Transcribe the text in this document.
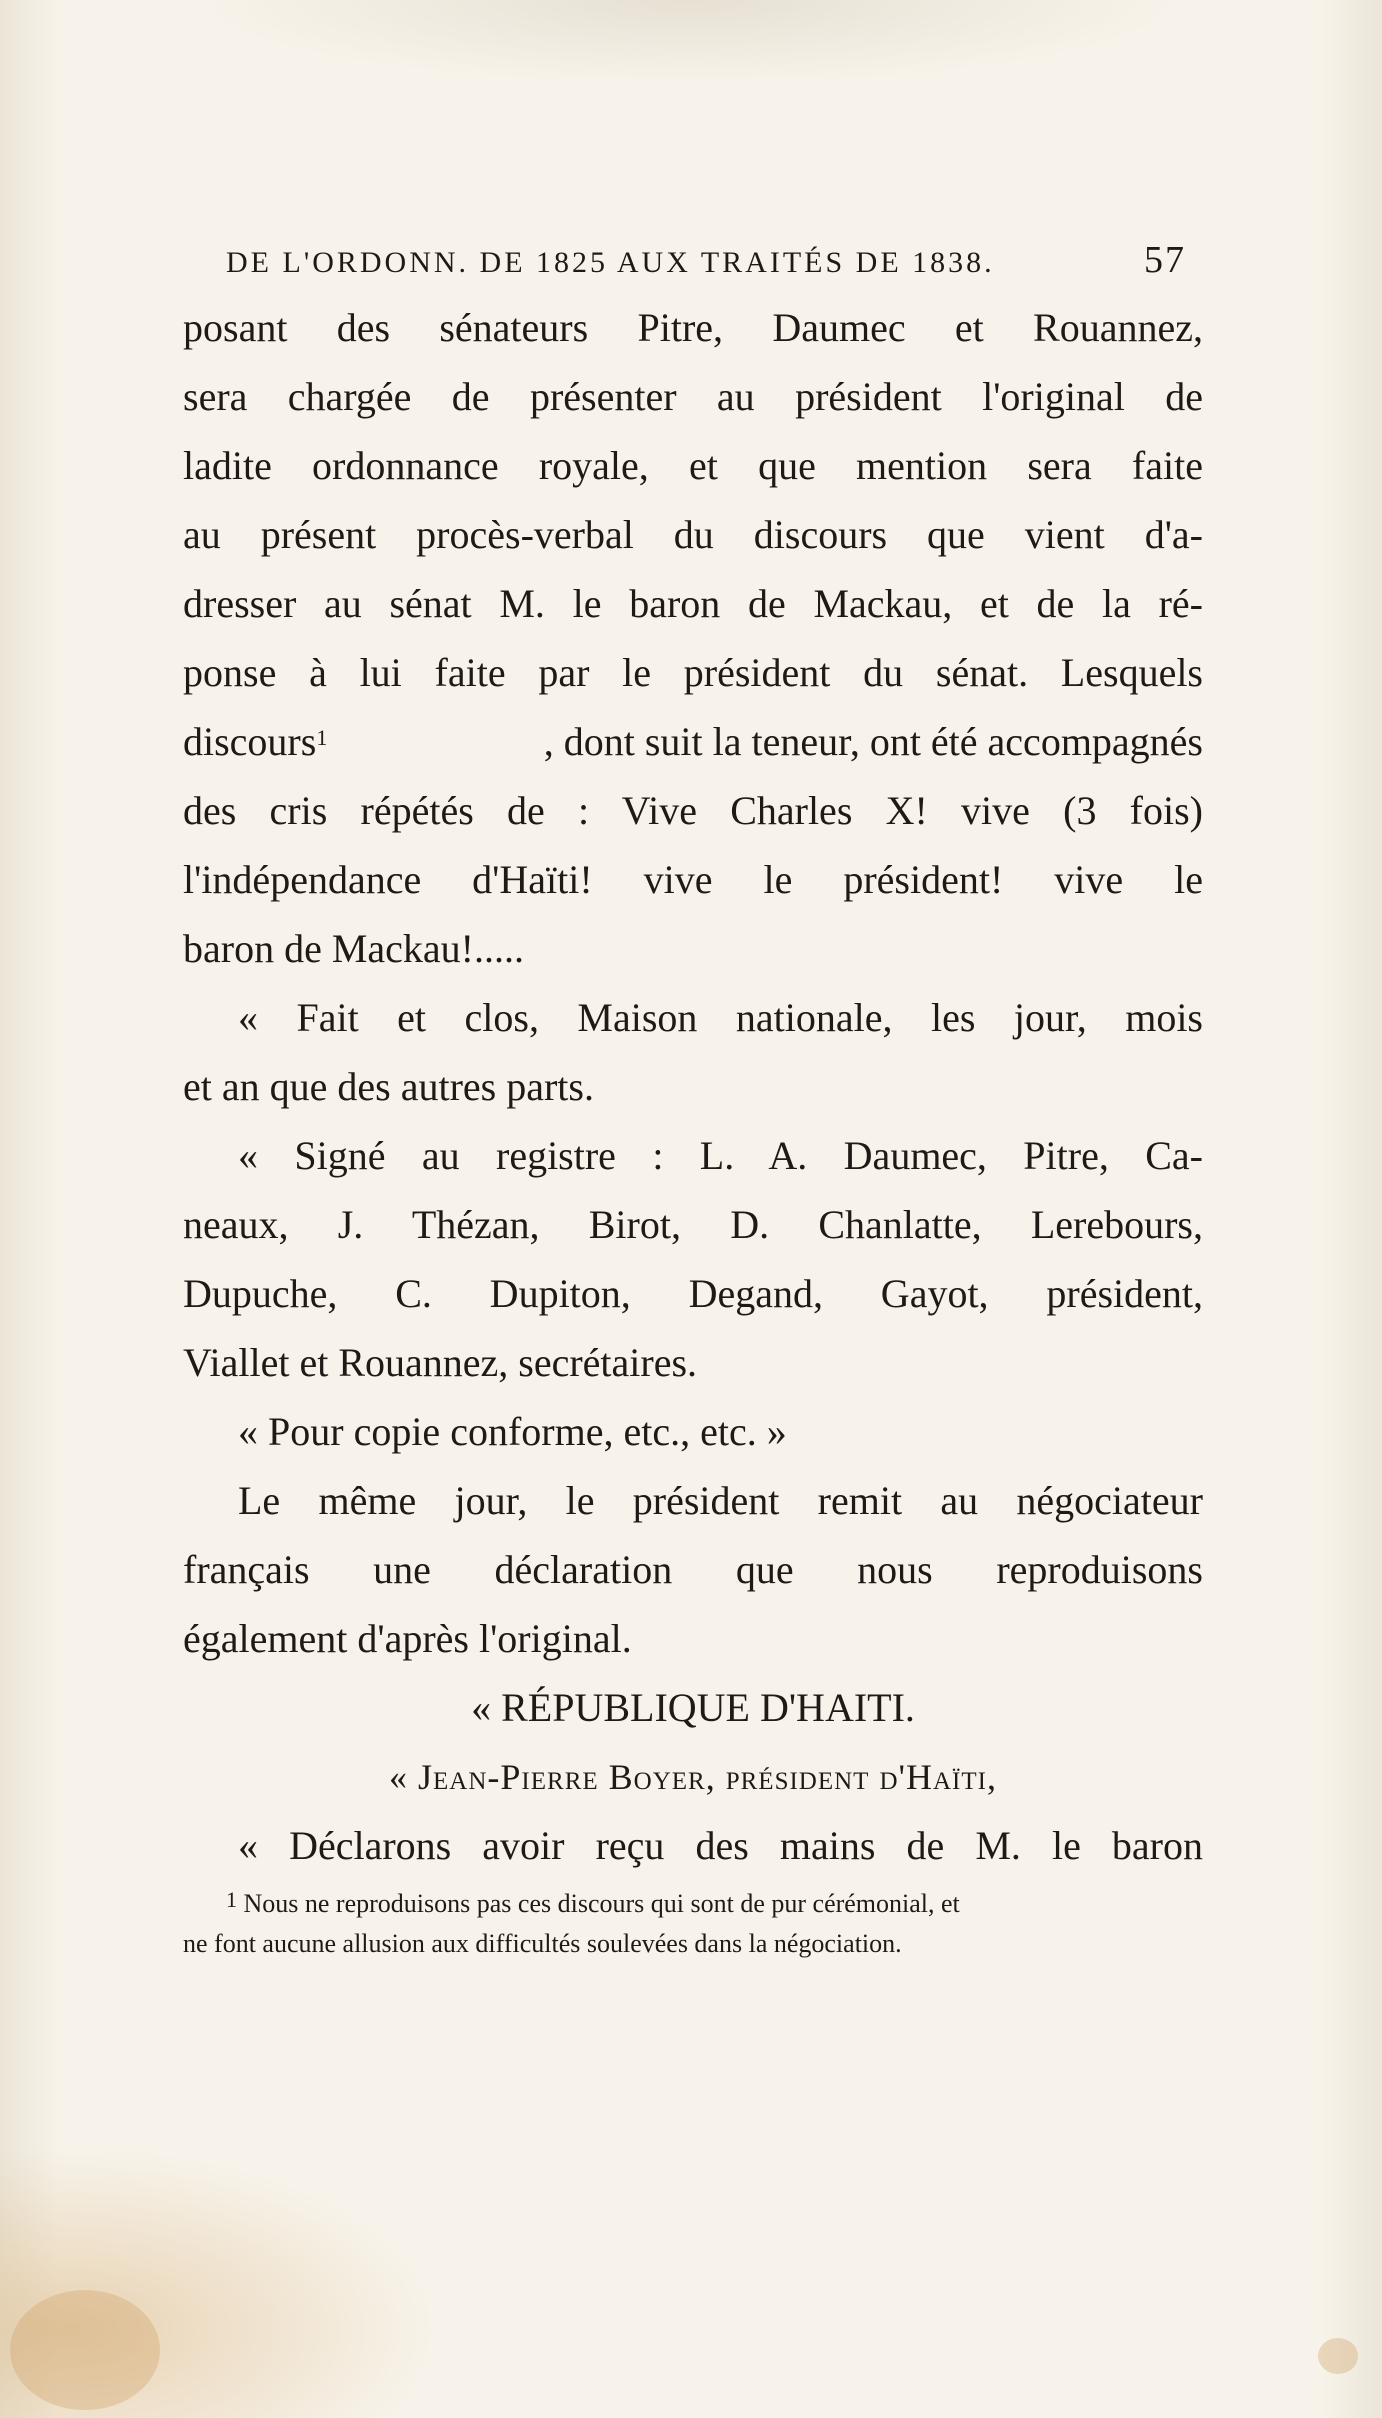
DE L'ORDONN. DE 1825 AUX TRAITÉS DE 1838.	57
posant des sénateurs Pitre, Daumec et Rouannez,
sera chargée de présenter au président l'original de
ladite ordonnance royale, et que mention sera faite
au présent procès-verbal du discours que vient d'a-
dresser au sénat M. le baron de Mackau, et de la ré-
ponse à lui faite par le président du sénat. Lesquels
discours$^1$	, dont suit la teneur, ont été accompagnés
des cris répétés de : Vive Charles X! vive (3 fois)
l'indépendance d'Haïti! vive le président! vive le
baron de Mackau!.....
« Fait et clos, Maison nationale, les jour, mois
et an que des autres parts.
« Signé au registre : L. A. Daumec, Pitre, Ca-
neaux, J. Thézan, Birot, D. Chanlatte, Lerebours,
Dupuche, C. Dupiton, Degand, Gayot, président,
Viallet et Rouannez, secrétaires.
« Pour copie conforme, etc., etc. »
Le même jour, le président remit au négociateur
français une déclaration que nous reproduisons
également d'après l'original.
« RÉPUBLIQUE D'HAITI.
« Jean-Pierre Boyer, président d'Haïti,
« Déclarons avoir reçu des mains de M. le baron
$^1$ Nous ne reproduisons pas ces discours qui sont de pur cérémonial, et
ne font aucune allusion aux difficultés soulevées dans la négociation.
